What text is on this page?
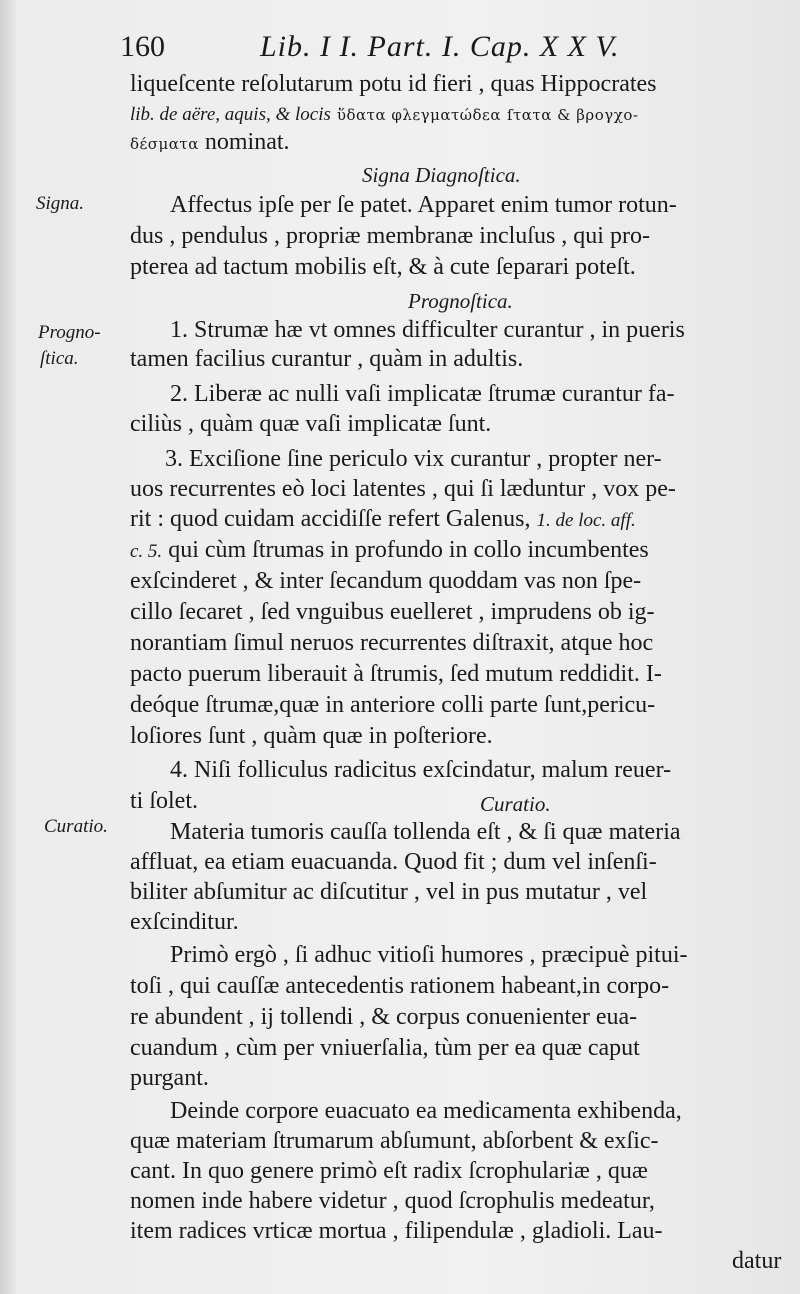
160	Lib. I I. Part. I. Cap. X X V.
Signa.
Progno-
ſtica.
Curatio.
liqueſcente reſolutarum potu id fieri , quas Hippocrates
lib. de aëre, aquis, & locis ὕδατα φλεγματώδεα ſτατα & βρογχο-
δέσματα nominat.
Signa Diagnoſtica.
Affectus ipſe per ſe patet. Apparet enim tumor rotun-
dus , pendulus , propriæ membranæ incluſus , qui pro-
pterea ad tactum mobilis eſt, & à cute ſeparari poteſt.
Prognoſtica.
1. Strumæ hæ vt omnes difficulter curantur , in pueris
tamen facilius curantur , quàm in adultis.
2. Liberæ ac nulli vaſi implicatæ ſtrumæ curantur fa-
ciliùs , quàm quæ vaſi implicatæ ſunt.
3. Exciſione ſine periculo vix curantur , propter ner-
uos recurrentes eò loci latentes , qui ſi læduntur , vox pe-
rit : quod cuidam accidiſſe refert Galenus, 1. de loc. aff.
c. 5. qui cùm ſtrumas in profundo in collo incumbentes
exſcinderet , & inter ſecandum quoddam vas non ſpe-
cillo ſecaret , ſed vnguibus euelleret , imprudens ob ig-
norantiam ſimul neruos recurrentes diſtraxit, atque hoc
pacto puerum liberauit à ſtrumis, ſed mutum reddidit. I-
deóque ſtrumæ,quæ in anteriore colli parte ſunt,pericu-
loſiores ſunt , quàm quæ in poſteriore.
4. Niſi folliculus radicitus exſcindatur, malum reuer-
ti ſolet.	Curatio.
Materia tumoris cauſſa tollenda eſt , & ſi quæ materia
affluat, ea etiam euacuanda. Quod fit ; dum vel inſenſi-
biliter abſumitur ac diſcutitur , vel in pus mutatur , vel
exſcinditur.
Primò ergò , ſi adhuc vitioſi humores , præcipuè pitui-
toſi , qui cauſſæ antecedentis rationem habeant,in corpo-
re abundent , ij tollendi , & corpus conuenienter eua-
cuandum , cùm per vniuerſalia, tùm per ea quæ caput
purgant.
Deinde corpore euacuato ea medicamenta exhibenda,
quæ materiam ſtrumarum abſumunt, abſorbent & exſic-
cant. In quo genere primò eſt radix ſcrophulariæ , quæ
nomen inde habere videtur , quod ſcrophulis medeatur,
item radices vrticæ mortua , filipendulæ , gladioli. Lau-
datur
